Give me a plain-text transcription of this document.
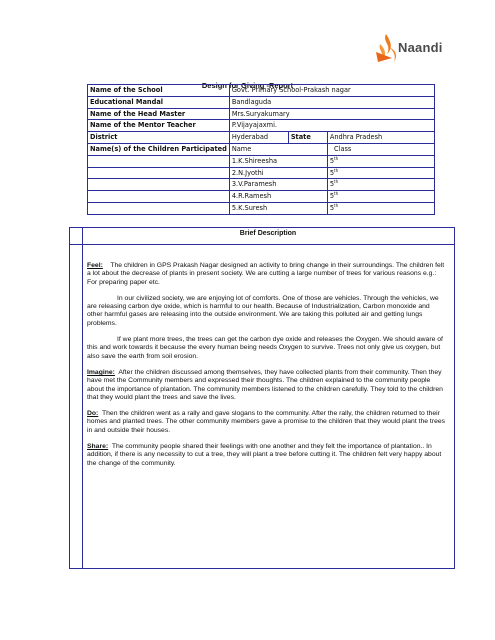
Naandi
Design for Giving -Report
Name of the School	Govt. Primary School-Prakash nagar		
Educational Mandal	Bandlaguda		
Name of the Head Master	Mrs.Suryakumary		
Name of the Mentor Teacher	P.Vijayajaxmi.		
District	Hyderabad	State	Andhra Pradesh
Name(s) of the Children Participated	Name		Class
	1.K.Shireesha		5th
	2.N.Jyothi		5th
	3.V.Paramesh		5th
	4.R.Ramesh		5th
	5.K.Suresh		5th
Brief Description

Feel: The children in GPS Prakash Nagar designed an activity to bring change in their surroundings. The children felt a lot about the decrease of plants in present society. We are cutting a large number of trees for various reasons e.g.: For preparing paper etc.

In our civilized society, we are enjoying lot of comforts. One of those are vehicles. Through the vehicles, we are releasing carbon dye oxide, which is harmful to our health. Because of Industrialization, Carbon monoxide and other harmful gases are releasing into the outside environment. We are taking this polluted air and getting lungs problems.

If we plant more trees, the trees can get the carbon dye oxide and releases the Oxygen. We should aware of this and work towards it because the every human being needs Oxygen to survive. Trees not only give us oxygen, but also save the earth from soil erosion.

Imagine: After the children discussed among themselves, they have collected plants from their community. Then they have met the Community members and expressed their thoughts. The children explained to the community people about the importance of plantation. The community members listened to the children carefully. They told to the children that they would plant the trees and save the lives.

Do: Then the children went as a rally and gave slogans to the community. After the rally, the children returned to their homes and planted trees. The other community members gave a promise to the children that they would plant the trees in and outside their houses.

Share: The community people shared their feelings with one another and they felt the importance of plantation.. In addition, if there is any necessity to cut a tree, they will plant a tree before cutting it. The children felt very happy about the change of the community.
